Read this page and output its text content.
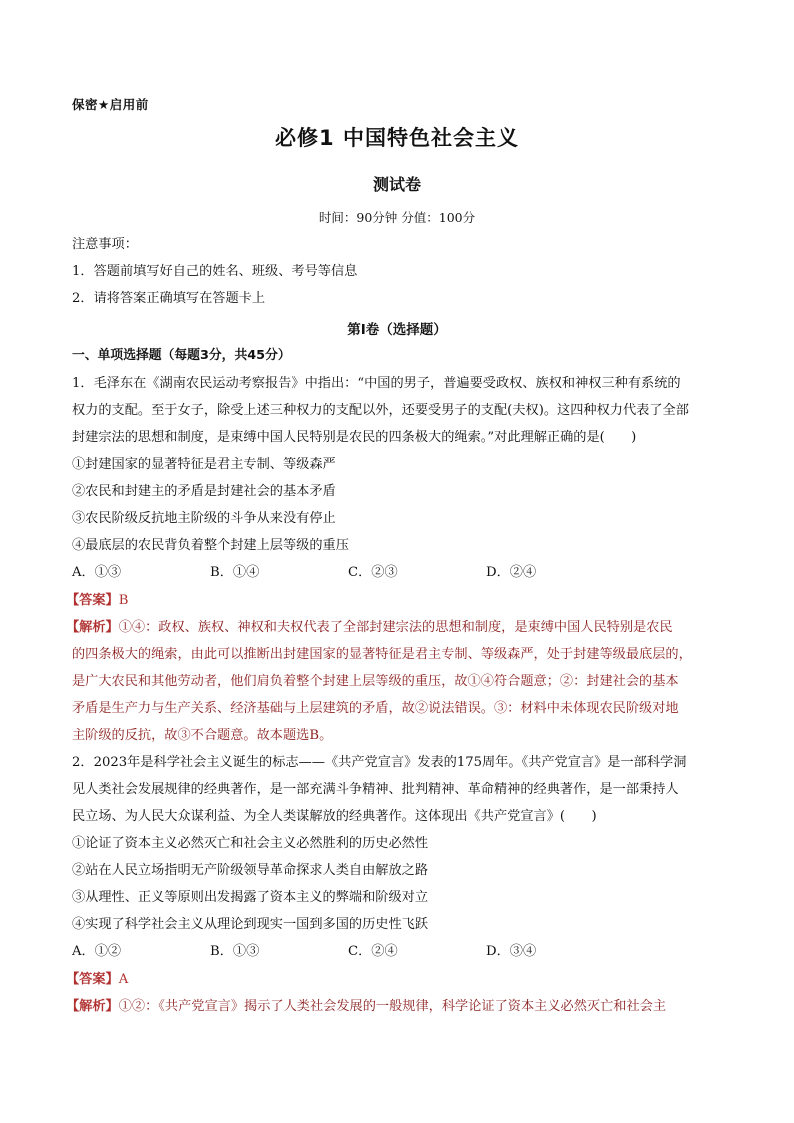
保密★启用前
必修1 中国特色社会主义
测试卷
时间：90分钟 分值：100分
注意事项：
1．答题前填写好自己的姓名、班级、考号等信息
2．请将答案正确填写在答题卡上
第Ⅰ卷（选择题）
一、单项选择题（每题3分，共45分）
1．毛泽东在《湖南农民运动考察报告》中指出：“中国的男子，普遍要受政权、族权和神权三种有系统的
权力的支配。至于女子，除受上述三种权力的支配以外，还要受男子的支配(夫权)。这四种权力代表了全部
封建宗法的思想和制度，是束缚中国人民特别是农民的四条极大的绳索。”对此理解正确的是(　　)
①封建国家的显著特征是君主专制、等级森严
②农民和封建主的矛盾是封建社会的基本矛盾
③农民阶级反抗地主阶级的斗争从来没有停止
④最底层的农民背负着整个封建上层等级的重压
A．①③	B．①④	C．②③	D．②④
【答案】B
【解析】①④：政权、族权、神权和夫权代表了全部封建宗法的思想和制度，是束缚中国人民特别是农民
的四条极大的绳索，由此可以推断出封建国家的显著特征是君主专制、等级森严，处于封建等级最底层的，
是广大农民和其他劳动者，他们肩负着整个封建上层等级的重压，故①④符合题意；②：封建社会的基本
矛盾是生产力与生产关系、经济基础与上层建筑的矛盾，故②说法错误。③：材料中未体现农民阶级对地
主阶级的反抗，故③不合题意。故本题选B。
2．2023年是科学社会主义诞生的标志——《共产党宣言》发表的175周年。《共产党宣言》是一部科学洞
见人类社会发展规律的经典著作，是一部充满斗争精神、批判精神、革命精神的经典著作，是一部秉持人
民立场、为人民大众谋利益、为全人类谋解放的经典著作。这体现出《共产党宣言》(　　)
①论证了资本主义必然灭亡和社会主义必然胜利的历史必然性
②站在人民立场指明无产阶级领导革命探求人类自由解放之路
③从理性、正义等原则出发揭露了资本主义的弊端和阶级对立
④实现了科学社会主义从理论到现实一国到多国的历史性飞跃
A．①②	B．①③	C．②④	D．③④
【答案】A
【解析】①②：《共产党宣言》揭示了人类社会发展的一般规律，科学论证了资本主义必然灭亡和社会主
